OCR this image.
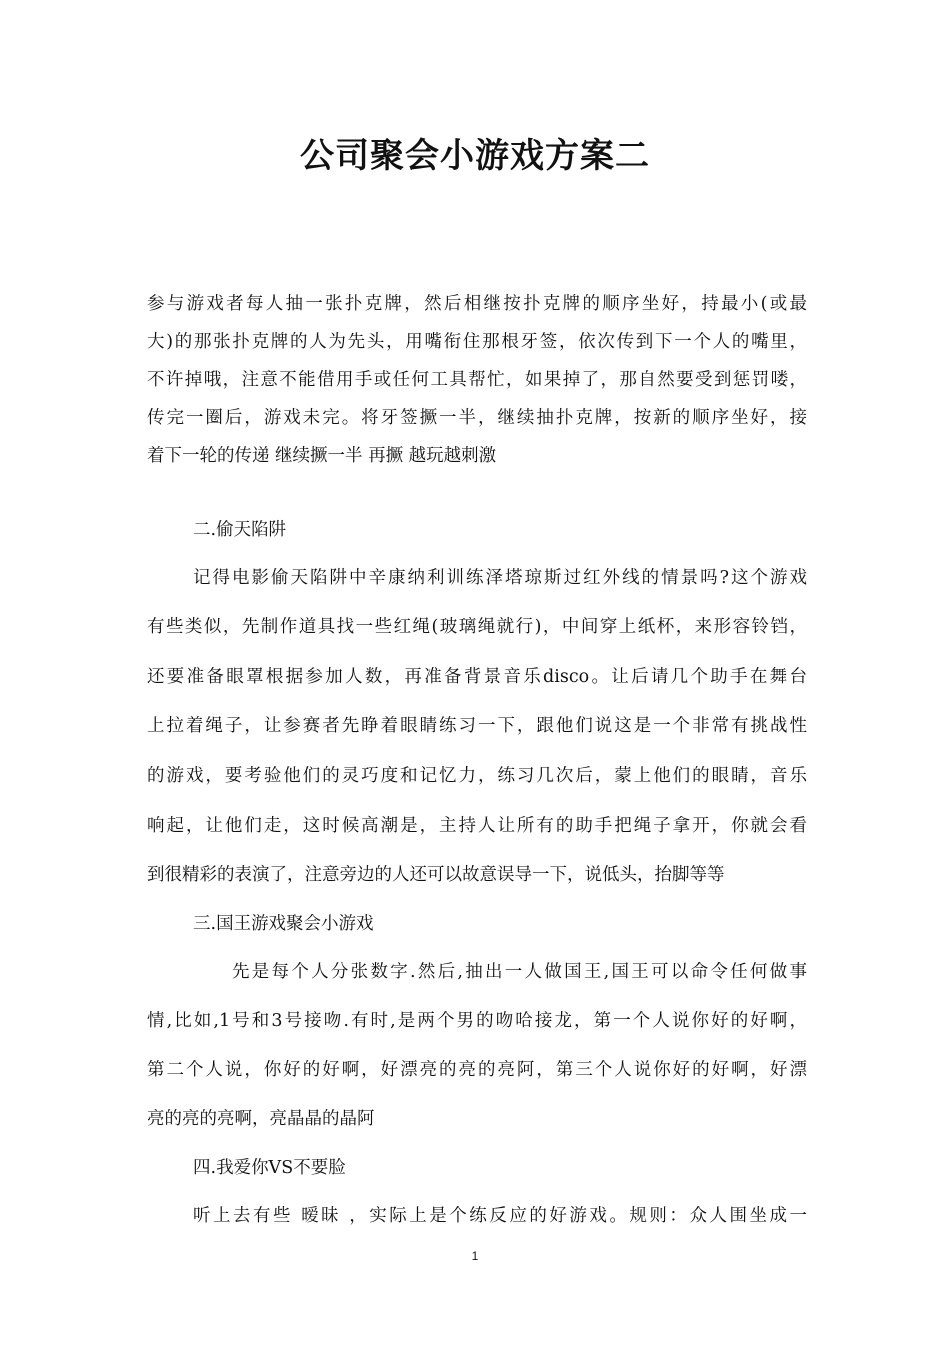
公司聚会小游戏方案二
参与游戏者每人抽一张扑克牌，然后相继按扑克牌的顺序坐好，持最小(或最
大)的那张扑克牌的人为先头，用嘴衔住那根牙签，依次传到下一个人的嘴里，
不许掉哦，注意不能借用手或任何工具帮忙，如果掉了，那自然要受到惩罚喽，
传完一圈后，游戏未完。将牙签撅一半，继续抽扑克牌，按新的顺序坐好，接
着下一轮的传递 继续撅一半 再撅 越玩越刺激
二.偷天陷阱
记得电影偷天陷阱中辛康纳利训练泽塔琼斯过红外线的情景吗?这个游戏
有些类似，先制作道具找一些红绳(玻璃绳就行)，中间穿上纸杯，来形容铃铛，
还要准备眼罩根据参加人数，再准备背景音乐disco。让后请几个助手在舞台
上拉着绳子，让参赛者先睁着眼睛练习一下，跟他们说这是一个非常有挑战性
的游戏，要考验他们的灵巧度和记忆力，练习几次后，蒙上他们的眼睛，音乐
响起，让他们走，这时候高潮是，主持人让所有的助手把绳子拿开，你就会看
到很精彩的表演了，注意旁边的人还可以故意误导一下，说低头，抬脚等等
三.国王游戏聚会小游戏
先是每个人分张数字.然后,抽出一人做国王,国王可以命令任何做事
情,比如,1号和3号接吻.有时,是两个男的吻哈接龙，第一个人说你好的好啊，
第二个人说，你好的好啊，好漂亮的亮的亮阿，第三个人说你好的好啊，好漂
亮的亮的亮啊，亮晶晶的晶阿
四.我爱你VS不要脸
听上去有些 暧昧 ，实际上是个练反应的好游戏。规则：众人围坐成一
1
